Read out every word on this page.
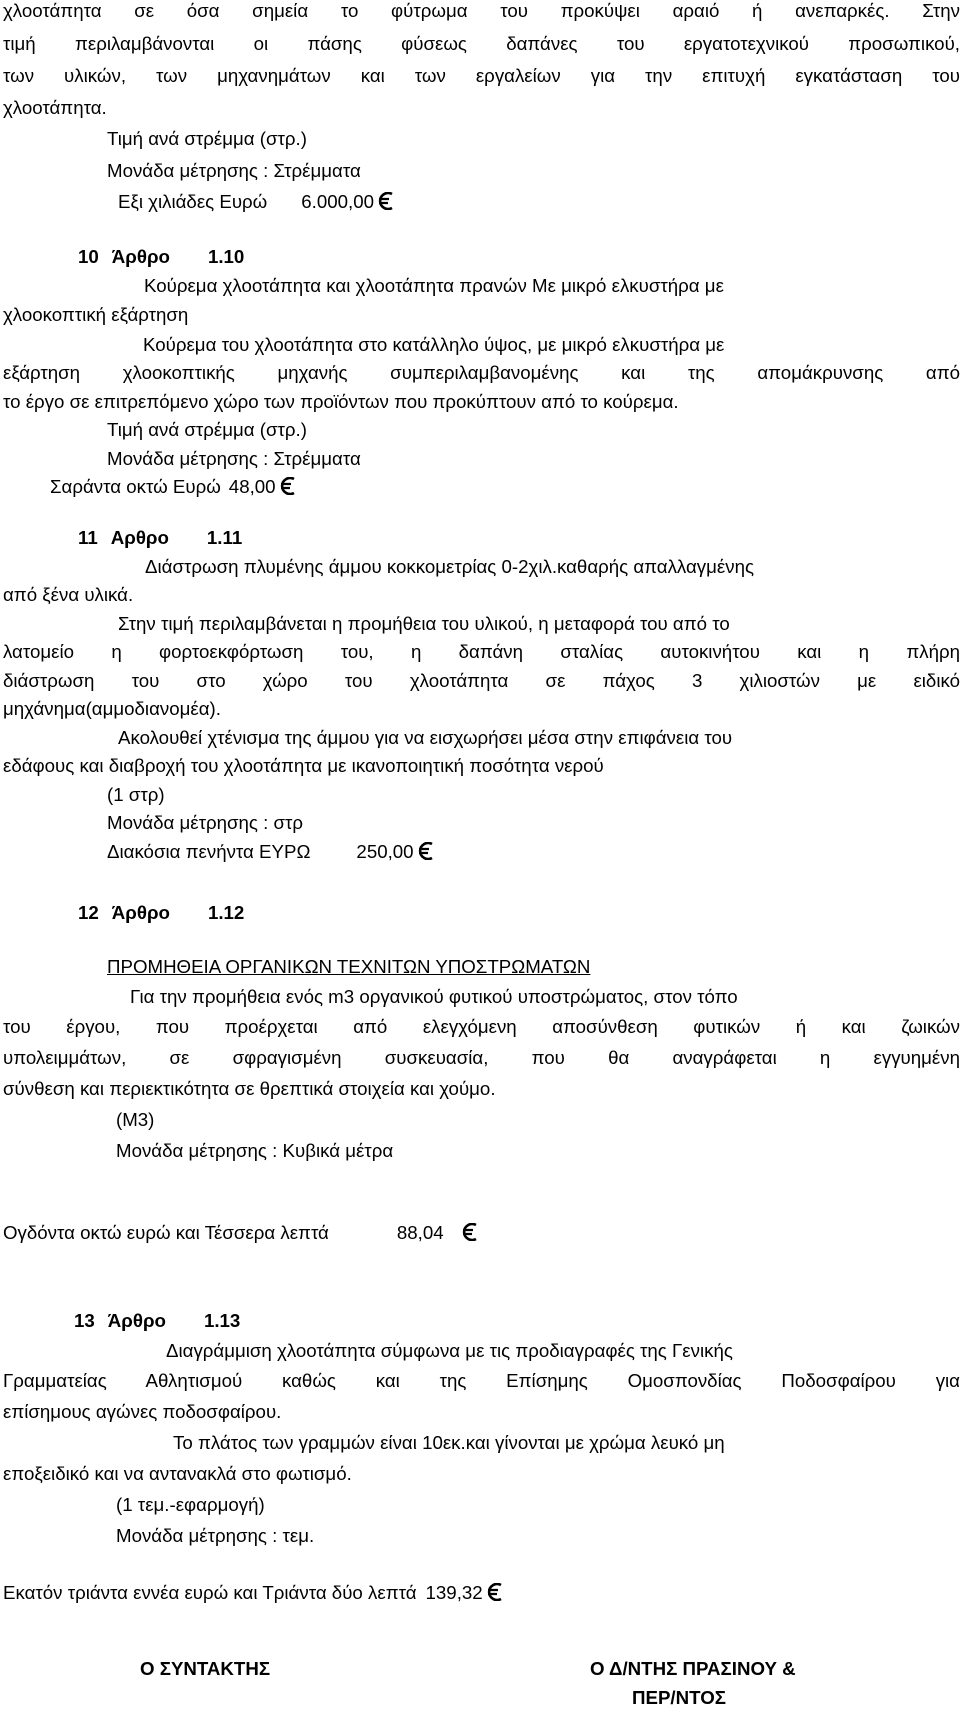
χλοοτάπητα σε όσα σημεία το φύτρωμα του προκύψει αραιό ή ανεπαρκές. Στην
τιμή περιλαμβάνονται οι πάσης φύσεως δαπάνες του εργατοτεχνικού προσωπικού,
των υλικών, των μηχανημάτων και των εργαλείων για την επιτυχή εγκατάσταση του
χλοοτάπητα.
Τιμή ανά στρέμμα (στρ.)
Μονάδα μέτρησης : Στρέμματα
Εξι χιλιάδες Ευρώ 6.000,00
10 Άρθρο 1.10
Κούρεμα χλοοτάπητα και χλοοτάπητα πρανών Με μικρό ελκυστήρα με
χλοοκοπτική εξάρτηση
Κούρεμα του χλοοτάπητα στο κατάλληλο ύψος, με μικρό ελκυστήρα με
εξάρτηση χλοοκοπτικής μηχανής συμπεριλαμβανομένης και της απομάκρυνσης από
το έργο σε επιτρεπόμενο χώρο των προϊόντων που προκύπτουν από το κούρεμα.
Τιμή ανά στρέμμα (στρ.)
Μονάδα μέτρησης : Στρέμματα
Σαράντα οκτώ Ευρώ 48,00
11 Αρθρο 1.11
Διάστρωση πλυμένης άμμου κοκκομετρίας 0-2χιλ.καθαρής απαλλαγμένης
από ξένα υλικά.
Στην τιμή περιλαμβάνεται η προμήθεια του υλικού, η μεταφορά του από το
λατομείο η φορτοεκφόρτωση του, η δαπάνη σταλίας αυτοκινήτου και η πλήρη
διάστρωση του στο χώρο του χλοοτάπητα σε πάχος 3 χιλιοστών με ειδικό
μηχάνημα(αμμοδιανομέα).
Ακολουθεί χτένισμα της άμμου για να εισχωρήσει μέσα στην επιφάνεια του
εδάφους και διαβροχή του χλοοτάπητα με ικανοποιητική ποσότητα νερού
(1 στρ)
Μονάδα μέτρησης : στρ
Διακόσια πενήντα ΕΥΡΩ 250,00
12 Άρθρο 1.12
ΠΡΟΜΗΘΕΙΑ ΟΡΓΑΝΙΚΩΝ ΤΕΧΝΙΤΩΝ ΥΠΟΣΤΡΩΜΑΤΩΝ
Για την προμήθεια ενός m3 οργανικού φυτικού υποστρώματος, στον τόπο
του έργου, που προέρχεται από ελεγχόμενη αποσύνθεση φυτικών ή και ζωικών
υπολειμμάτων, σε σφραγισμένη συσκευασία, που θα αναγράφεται η εγγυημένη
σύνθεση και περιεκτικότητα σε θρεπτικά στοιχεία και χούμο.
(Μ3)
Μονάδα μέτρησης : Κυβικά μέτρα
Ογδόντα οκτώ ευρώ και Τέσσερα λεπτά	88,04
13 Άρθρο 1.13
Διαγράμμιση χλοοτάπητα σύμφωνα με τις προδιαγραφές της Γενικής
Γραμματείας Αθλητισμού καθώς και της Επίσημης Ομοσπονδίας Ποδοσφαίρου για
επίσημους αγώνες ποδοσφαίρου.
Το πλάτος των γραμμών είναι 10εκ.και γίνονται με χρώμα λευκό μη
εποξειδικό και να αντανακλά στο φωτισμό.
(1 τεμ.-εφαρμογή)
Μονάδα μέτρησης : τεμ.
Εκατόν τριάντα εννέα ευρώ και Τριάντα δύο λεπτά 139,32
Ο ΣΥΝΤΑΚΤΗΣ	Ο Δ/ΝΤΗΣ ΠΡΑΣΙΝΟΥ &
ΠΕΡ/ΝΤΟΣ
